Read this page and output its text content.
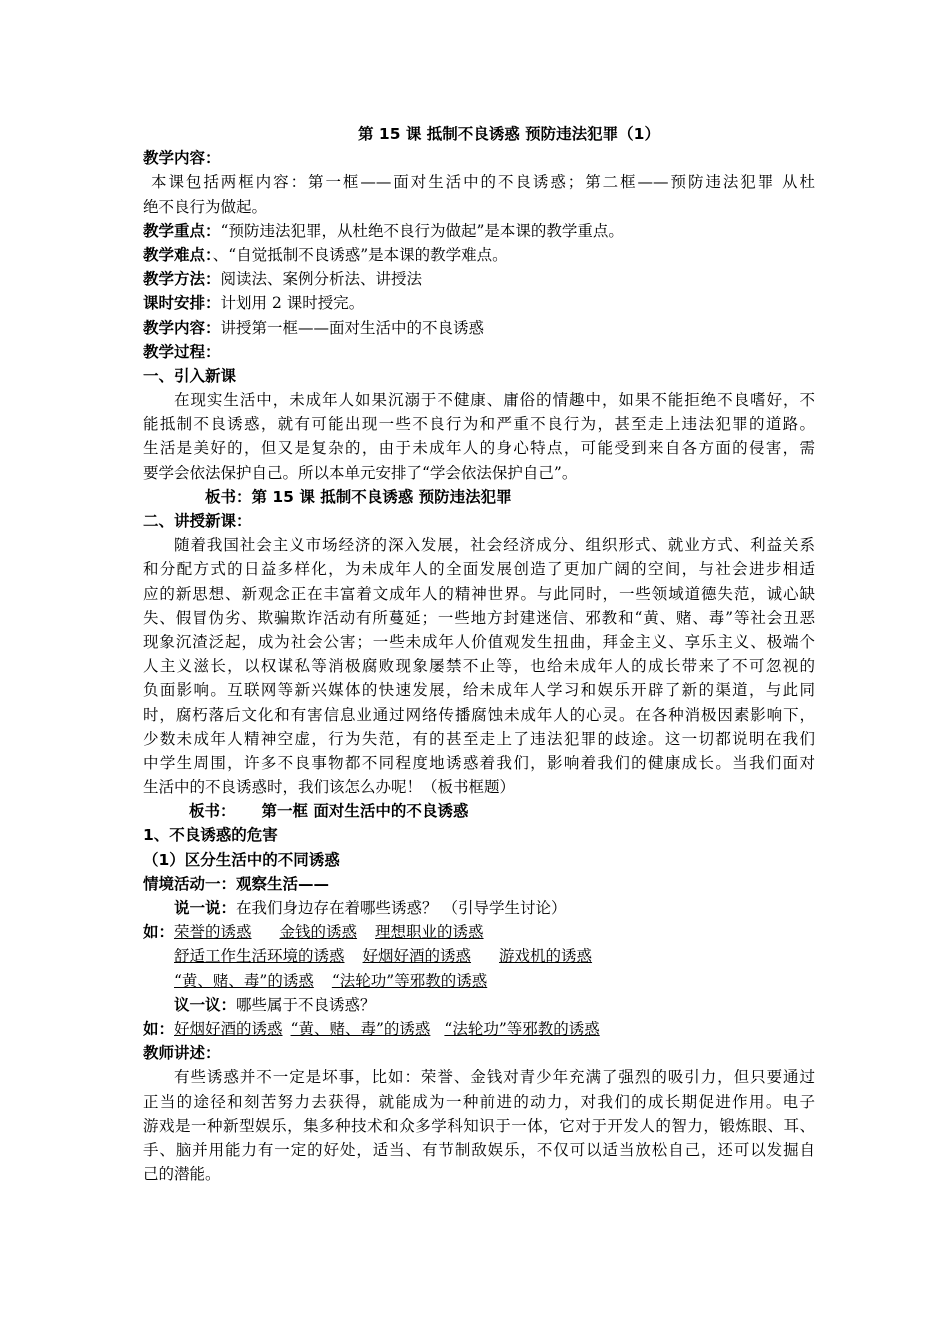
第 15 课 抵制不良诱惑 预防违法犯罪（1）
教学内容：
本课包括两框内容：第一框——面对生活中的不良诱惑；第二框——预防违法犯罪 从杜
绝不良行为做起。
教学重点：“预防违法犯罪，从杜绝不良行为做起”是本课的教学重点。
教学难点：、“自觉抵制不良诱惑”是本课的教学难点。
教学方法：阅读法、案例分析法、讲授法
课时安排：计划用 2 课时授完。
教学内容：讲授第一框——面对生活中的不良诱惑
教学过程：
一、引入新课
在现实生活中，未成年人如果沉溺于不健康、庸俗的情趣中，如果不能拒绝不良嗜好，不
能抵制不良诱惑，就有可能出现一些不良行为和严重不良行为，甚至走上违法犯罪的道路。
生活是美好的，但又是复杂的，由于未成年人的身心特点，可能受到来自各方面的侵害，需
要学会依法保护自己。所以本单元安排了“学会依法保护自己”。
板书：第 15 课 抵制不良诱惑 预防违法犯罪
二、讲授新课：
随着我国社会主义市场经济的深入发展，社会经济成分、组织形式、就业方式、利益关系
和分配方式的日益多样化，为未成年人的全面发展创造了更加广阔的空间，与社会进步相适
应的新思想、新观念正在丰富着文成年人的精神世界。与此同时，一些领域道德失范，诚心缺
失、假冒伪劣、欺骗欺诈活动有所蔓延；一些地方封建迷信、邪教和“黄、赌、毒”等社会丑恶
现象沉渣泛起，成为社会公害；一些未成年人价值观发生扭曲，拜金主义、享乐主义、极端个
人主义滋长，以权谋私等消极腐败现象屡禁不止等，也给未成年人的成长带来了不可忽视的
负面影响。互联网等新兴媒体的快速发展，给未成年人学习和娱乐开辟了新的渠道，与此同
时，腐朽落后文化和有害信息业通过网络传播腐蚀未成年人的心灵。在各种消极因素影响下，
少数未成年人精神空虚，行为失范，有的甚至走上了违法犯罪的歧途。这一切都说明在我们
中学生周围，许多不良事物都不同程度地诱惑着我们，影响着我们的健康成长。当我们面对
生活中的不良诱惑时，我们该怎么办呢！（板书框题）
板书： 第一框 面对生活中的不良诱惑
1、不良诱惑的危害
（1）区分生活中的不同诱惑
情境活动一：观察生活——
说一说：在我们身边存在着哪些诱惑？ （引导学生讨论）
如：荣誉的诱惑 金钱的诱惑 理想职业的诱惑
舒适工作生活环境的诱惑 好烟好酒的诱惑 游戏机的诱惑
“黄、赌、毒”的诱惑 “法轮功”等邪教的诱惑
议一议：哪些属于不良诱惑？
如：好烟好酒的诱惑 “黄、赌、毒”的诱惑 “法轮功”等邪教的诱惑
教师讲述：
有些诱惑并不一定是坏事，比如：荣誉、金钱对青少年充满了强烈的吸引力，但只要通过
正当的途径和刻苦努力去获得，就能成为一种前进的动力，对我们的成长期促进作用。电子
游戏是一种新型娱乐，集多种技术和众多学科知识于一体，它对于开发人的智力，锻炼眼、耳、
手、脑并用能力有一定的好处，适当、有节制敌娱乐，不仅可以适当放松自己，还可以发掘自
己的潜能。
